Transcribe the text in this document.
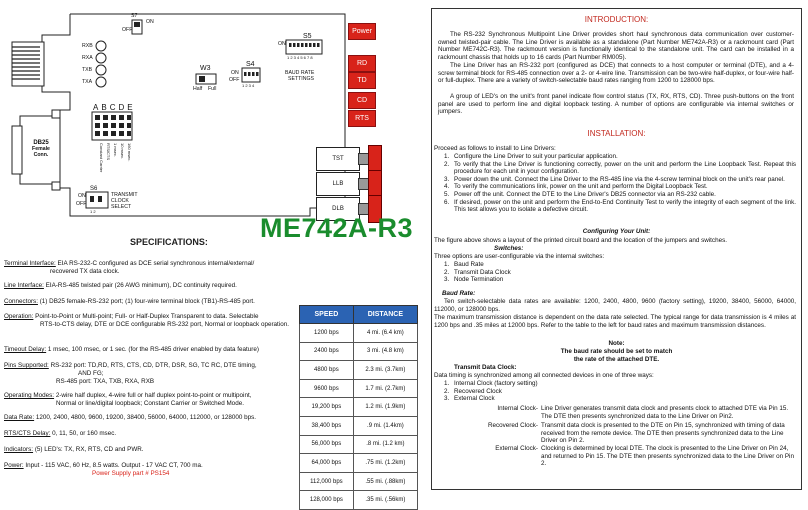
S7
ON
OFF
RXB
RXA
TXB
TXA
S5
ON
1 2 3 4 5 6 7 8
BAUD RATE
SETTINGS
W3
Half Full
S4
ON
OFF
1 2 3 4
ABCDE
Constant Carrier RTS/CTS 1 msec. 10 msec. 160 msec.
DB25
Female
Conn.
S6
ON
OFF
1 2
TRANSMIT
CLOCK
SELECT
Power
RD
TD
CD
RTS
TST
LLB
DLB
ME742A-R3
SPECIFICATIONS:
Terminal Interface: EIA RS-232-C configured as DCE serial synchronous internal/external/
recovered TX data clock.
Line Interface: EIA-RS-485 twisted pair (26 AWG minimum), DC continuity required.
Connectors: (1) DB25 female-RS-232 port; (1) four-wire terminal block (TB1)-RS-485 port.
Operation: Point-to-Point or Multi-point; Full- or Half-Duplex Transparent to data. Selectable
RTS-to-CTS delay, DTE or DCE configurable RS-232 port, Normal or loopback operation.
Timeout Delay: 1 msec, 100 msec, or 1 sec. (for the RS-485 driver enabled by data feature)
Pins Supported: RS-232 port: TD,RD, RTS, CTS, CD, DTR, DSR, SG, TC RC, DTE timing,
AND FG;
RS-485 port: TXA, TXB, RXA, RXB
Operating Modes: 2-wire half duplex, 4-wire full or half duplex point-to-point or multipoint,
Normal or line/digital loopback; Constant Carrier or Switched Mode.
Data Rate: 1200, 2400, 4800, 9600, 19200, 38400, 56000, 64000, 112000, or 128000 bps.
RTS/CTS Delay: 0, 11, 50, or 160 msec.
Indicators: (5) LED's: TX, RX, RTS, CD and PWR.
Power: Input - 115 VAC, 60 Hz, 8.5 watts. Output - 17 VAC CT, 700 ma.
Power Supply part # PS154
SPEED	DISTANCE
1200 bps	4 mi. (6.4 km)
2400 bps	3 mi. (4.8 km)
4800 bps	2.3 mi. (3.7km)
9600 bps	1.7 mi. (2.7km)
19,200 bps	1.2 mi. (1.9km)
38,400 bps	.9 mi. (1.4km)
56,000 bps	.8 mi. (1.2 km)
64,000 bps	.75 mi. (1.2km)
112,000 bps	.55 mi. (.88km)
128,000 bps	.35 mi. (.56km)
INTRODUCTION:
The RS-232 Synchronous Multipoint Line Driver provides short haul synchronous data communication over customer-owned twisted-pair cable. The Line Driver is available as a standalone (Part Number ME742A-R3) or a rackmount card (Part Number ME742C-R3). The rackmount version is functionally identical to the standalone unit. The card can be installed in a rackmount chassis that holds up to 16 cards (Part Number RM005).
The Line Driver has an RS-232 port (configured as DCE) that connects to a host computer or terminal (DTE), and a 4-screw terminal block for RS-485 connection over a 2- or 4-wire line. Transmission can be two-wire half-duplex, or four-wire half- or full-duplex. There are a variety of switch-selectable baud rates ranging from 1200 to 128000 bps.
A group of LED's on the unit's front panel indicate flow control status (TX, RX, RTS, CD). Three push-buttons on the front panel are used to perform line and digital loopback testing. A number of options are configurable via internal switches or jumpers.
INSTALLATION:
Proceed as follows to install to Line Drivers:
1. Configure the Line Driver to suit your particular application.
2. To verify that the Line Driver is functioning correctly, power on the unit and perform the Line Loopback Test. Repeat this procedure for each unit in your configuration.
3. Power down the unit. Connect the Line Driver to the RS-485 line via the 4-screw terminal block on the unit's rear panel.
4. To verify the communications link, power on the unit and perform the Digital Loopback Test.
5. Power off the unit. Connect the DTE to the Line Driver's DB25 connector via an RS-232 cable.
6. If desired, power on the unit and perform the End-to-End Continuity Test to verify the integrity of each segment of the link. This test allows you to isolate a defective circuit.
Configuring Your Unit:
The figure above shows a layout of the printed circuit board and the location of the jumpers and switches.
Switches:
Three options are user-configurable via the internal switches:
1. Baud Rate
2. Transmit Data Clock
3. Node Termination
Baud Rate:
Ten switch-selectable data rates are available: 1200, 2400, 4800, 9600 (factory setting), 19200, 38400, 56000, 64000, 112000, or 128000 bps.
The maximum transmission distance is dependent on the data rate selected. The typical range for data transmission is 4 miles at 1200 bps and .35 miles at 12000 bps. Refer to the table to the left for baud rates and maximum transmission distances.
Note:
The baud rate should be set to match
the rate of the attached DTE.
Transmit Data Clock:
Data timing is synchronized among all connected devices in one of three ways:
1. Internal Clock (factory setting)
2. Recovered Clock
3. External Clock
Internal Clock- Line Driver generates transmit data clock and presents clock to attached DTE via Pin 15. The DTE then presents synchronized data to the Line Driver on Pin2.
Recovered Clock- Transmit data clock is presented to the DTE on Pin 15, synchronized with timing of data received from the remote device. The DTE then presents synchronized data to the Line Driver on Pin 2.
External Clock- Clocking is determined by local DTE. The clock is presented to the Line Driver on Pin 24, and returned to Pin 15. The DTE then presents synchronized data to the Line Driver on Pin 2.
